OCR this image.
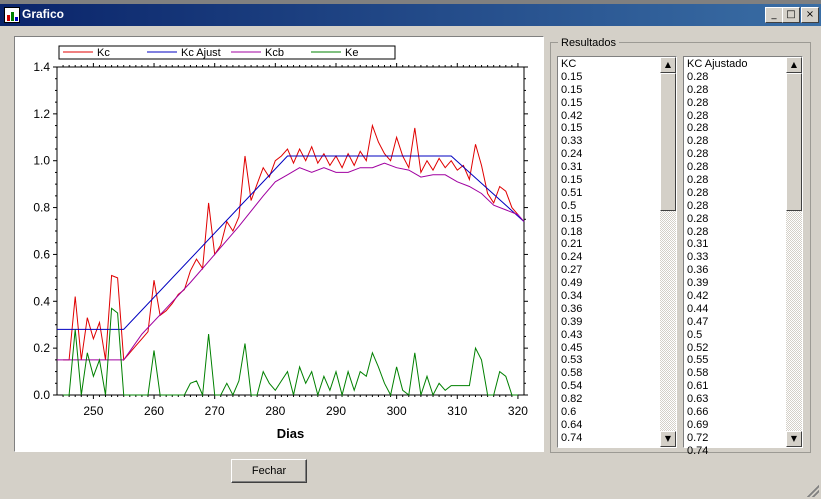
Grafico	_ □	×
0.0
0.2
0.4
0.6
0.8
1.0
1.2
1.4
250	260	270	280	290	300	310	320
Dias
Kc	Kc Ajust	Kcb	Ke
Resultados
KC
0.15
0.15
0.15
0.42
0.15
0.33
0.24
0.31
0.15
0.51
0.5
0.15
0.18
0.21
0.24
0.27
0.49
0.34
0.36
0.39
0.43
0.45
0.53
0.58
0.54
0.82
0.6
0.64
0.74
▲
▼
KC Ajustado
0.28
0.28
0.28
0.28
0.28
0.28
0.28
0.28
0.28
0.28
0.28
0.28
0.28
0.31
0.33
0.36
0.39
0.42
0.44
0.47
0.5
0.52
0.55
0.58
0.61
0.63
0.66
0.69
0.72
0.74
▲
▼
Fechar
